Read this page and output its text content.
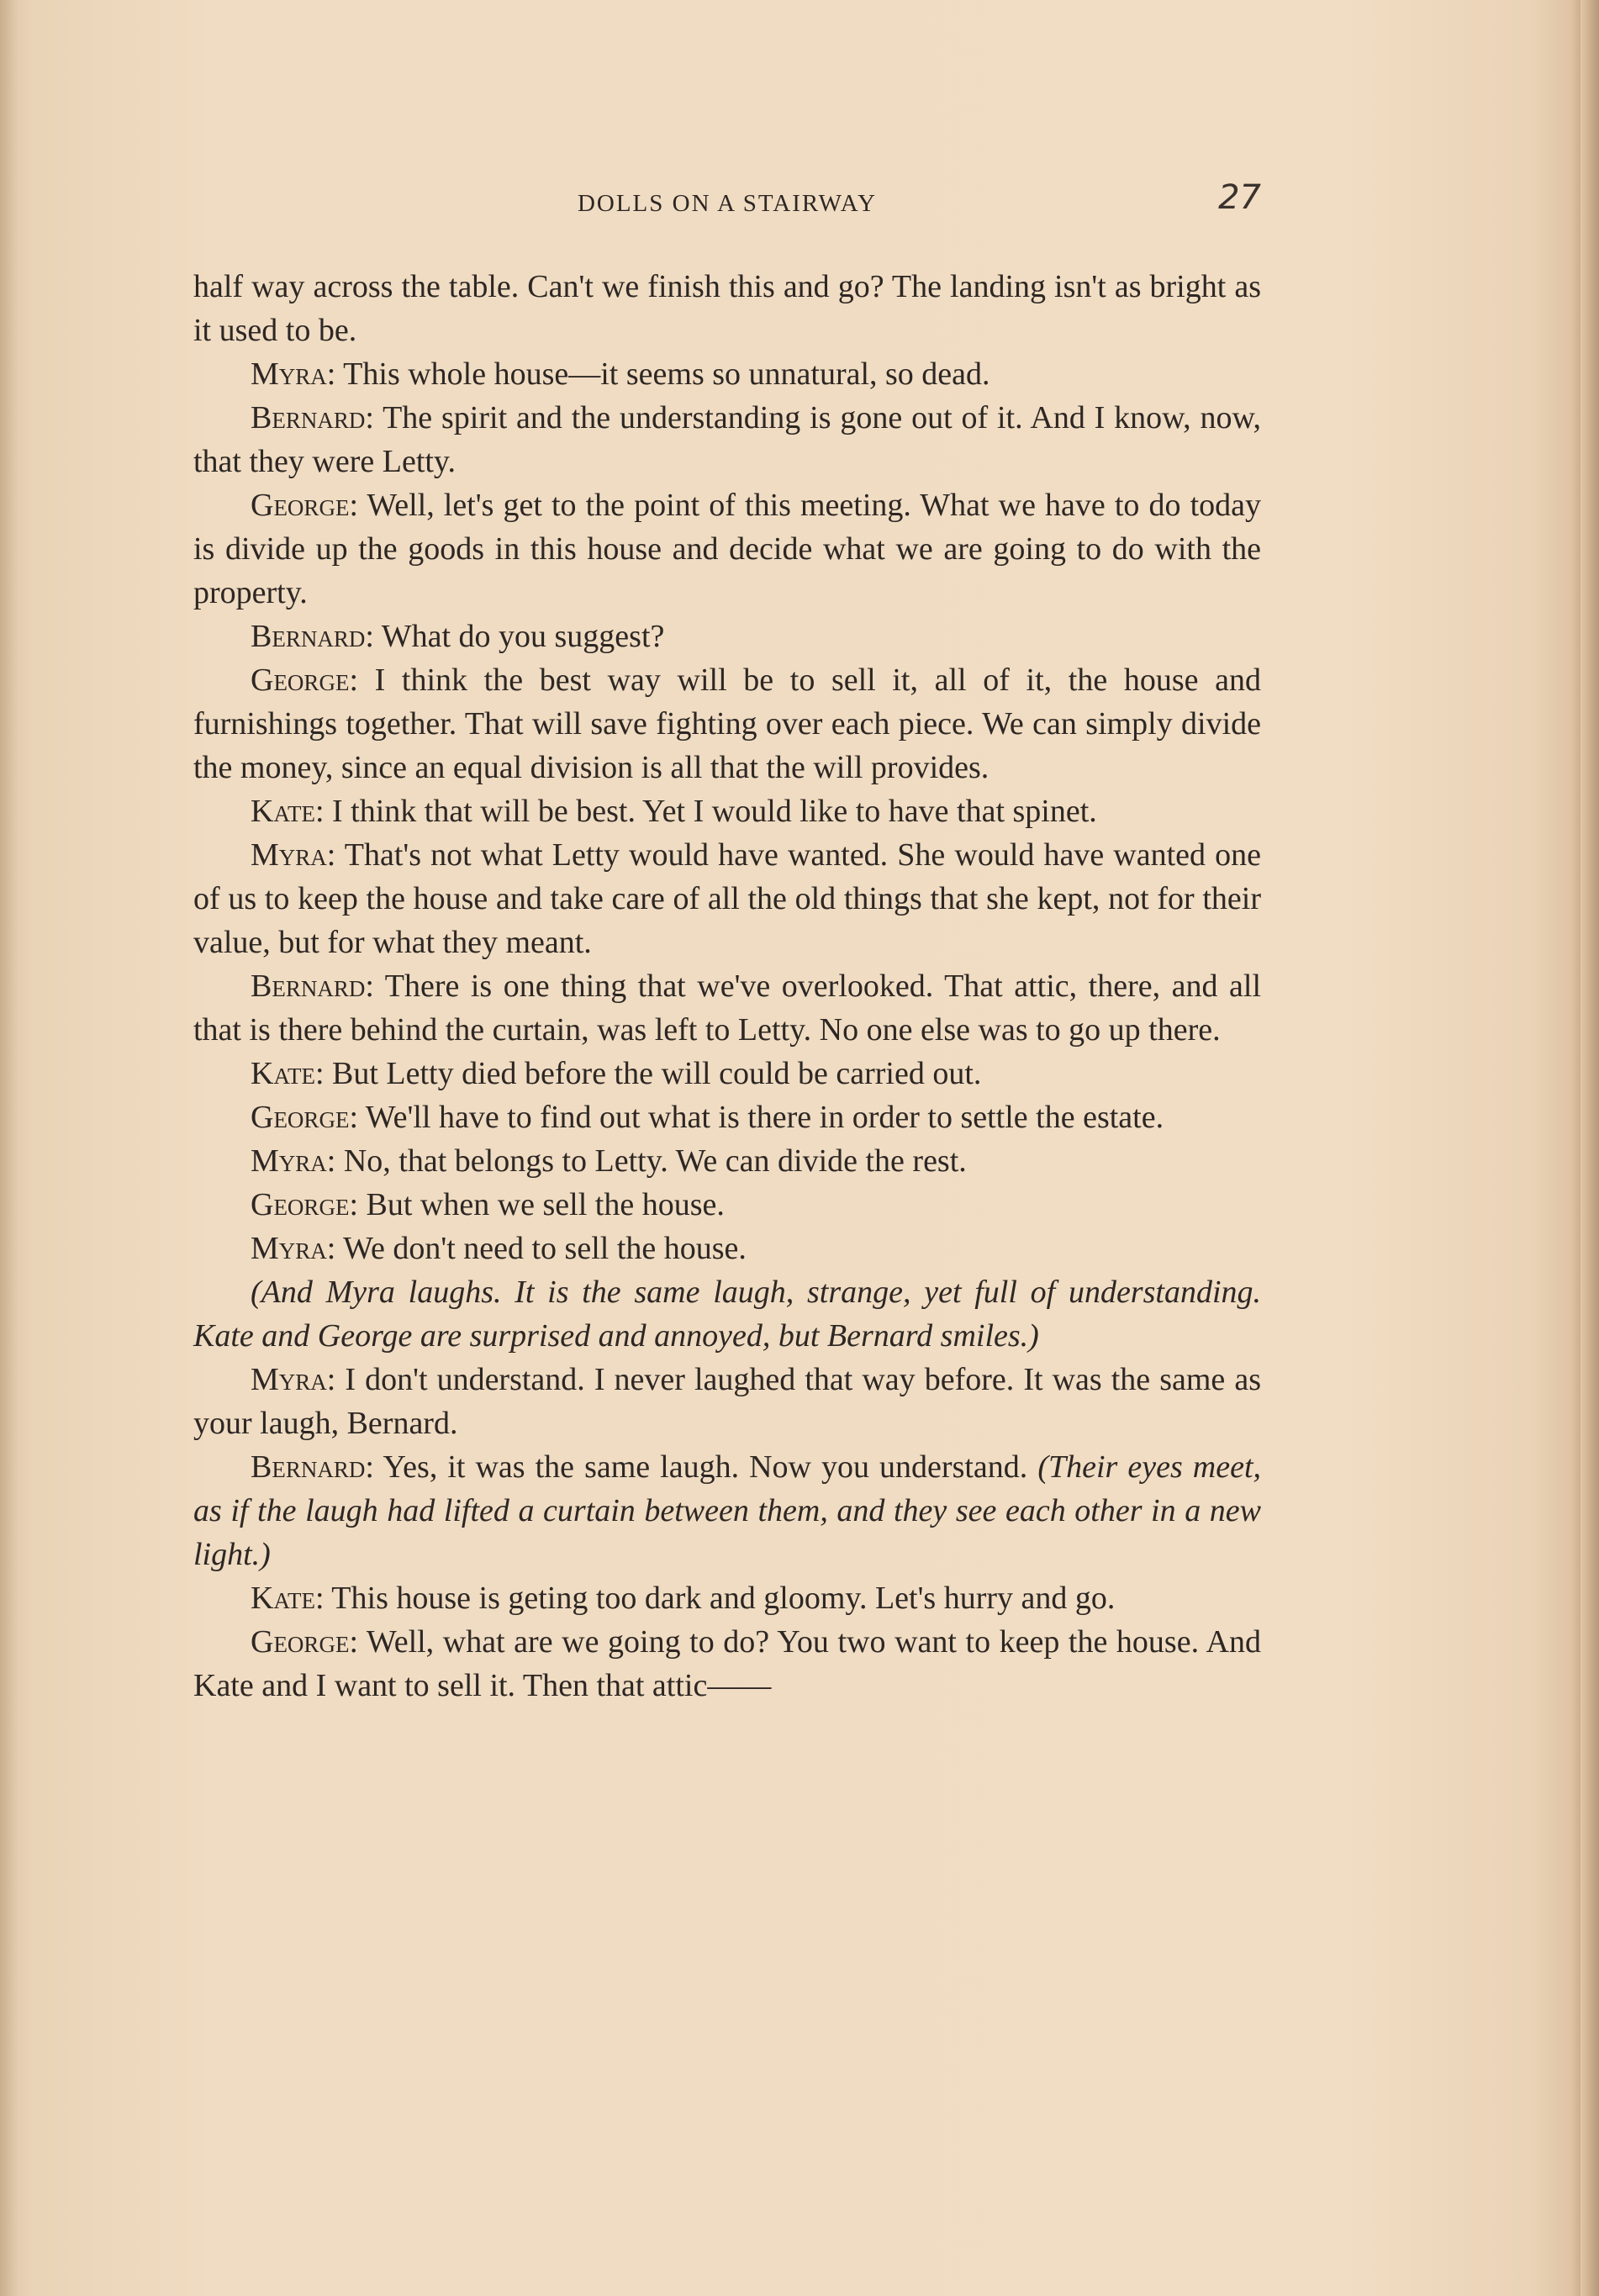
DOLLS ON A STAIRWAY	27

half way across the table. Can't we finish this and go? The landing isn't as bright as it used to be.

Myra: This whole house—it seems so unnatural, so dead.

Bernard: The spirit and the understanding is gone out of it. And I know, now, that they were Letty.

George: Well, let's get to the point of this meeting. What we have to do today is divide up the goods in this house and decide what we are going to do with the property.

Bernard: What do you suggest?

George: I think the best way will be to sell it, all of it, the house and furnishings together. That will save fighting over each piece. We can simply divide the money, since an equal division is all that the will provides.

Kate: I think that will be best. Yet I would like to have that spinet.

Myra: That's not what Letty would have wanted. She would have wanted one of us to keep the house and take care of all the old things that she kept, not for their value, but for what they meant.

Bernard: There is one thing that we've overlooked. That attic, there, and all that is there behind the curtain, was left to Letty. No one else was to go up there.

Kate: But Letty died before the will could be carried out.

George: We'll have to find out what is there in order to settle the estate.

Myra: No, that belongs to Letty. We can divide the rest.

George: But when we sell the house.

Myra: We don't need to sell the house.

(And Myra laughs. It is the same laugh, strange, yet full of understanding. Kate and George are surprised and annoyed, but Bernard smiles.)

Myra: I don't understand. I never laughed that way before. It was the same as your laugh, Bernard.

Bernard: Yes, it was the same laugh. Now you understand. (Their eyes meet, as if the laugh had lifted a curtain between them, and they see each other in a new light.)

Kate: This house is geting too dark and gloomy. Let's hurry and go.

George: Well, what are we going to do? You two want to keep the house. And Kate and I want to sell it. Then that attic——
